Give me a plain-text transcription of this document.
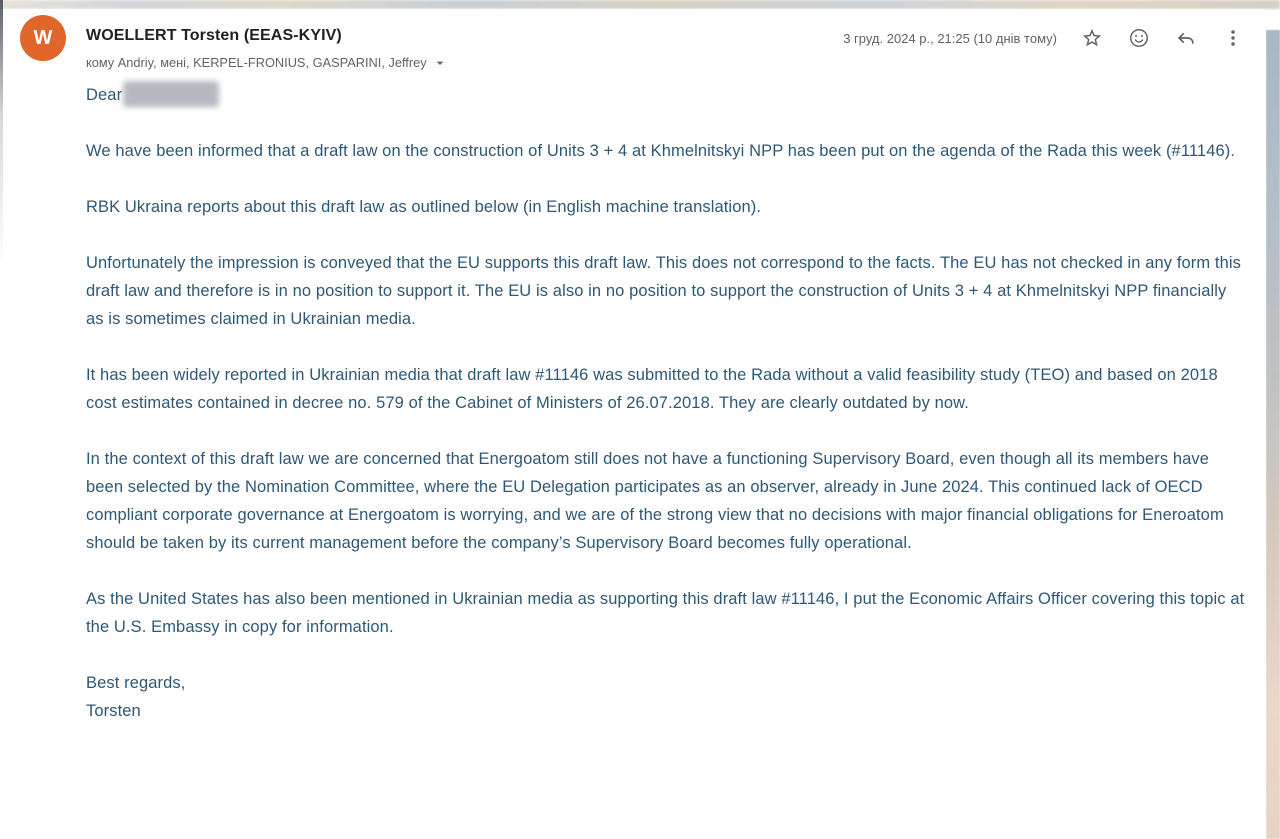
W	WOELLERT Torsten (EEAS-KYIV)
кому Andriy, мені, KERPEL-FRONIUS, GASPARINI, Jeffrey
3 груд. 2024 р., 21:25 (10 днів тому)

Dear

We have been informed that a draft law on the construction of Units 3 + 4 at Khmelnitskyi NPP has been put on the agenda of the Rada this week (#11146).

RBK Ukraina reports about this draft law as outlined below (in English machine translation).

Unfortunately the impression is conveyed that the EU supports this draft law. This does not correspond to the facts. The EU has not checked in any form this draft law and therefore is in no position to support it. The EU is also in no position to support the construction of Units 3 + 4 at Khmelnitskyi NPP financially as is sometimes claimed in Ukrainian media.

It has been widely reported in Ukrainian media that draft law #11146 was submitted to the Rada without a valid feasibility study (TEO) and based on 2018 cost estimates contained in decree no. 579 of the Cabinet of Ministers of 26.07.2018. They are clearly outdated by now.

In the context of this draft law we are concerned that Energoatom still does not have a functioning Supervisory Board, even though all its members have been selected by the Nomination Committee, where the EU Delegation participates as an observer, already in June 2024. This continued lack of OECD compliant corporate governance at Energoatom is worrying, and we are of the strong view that no decisions with major financial obligations for Eneroatom should be taken by its current management before the company’s Supervisory Board becomes fully operational.

As the United States has also been mentioned in Ukrainian media as supporting this draft law #11146, I put the Economic Affairs Officer covering this topic at the U.S. Embassy in copy for information.

Best regards,
Torsten
